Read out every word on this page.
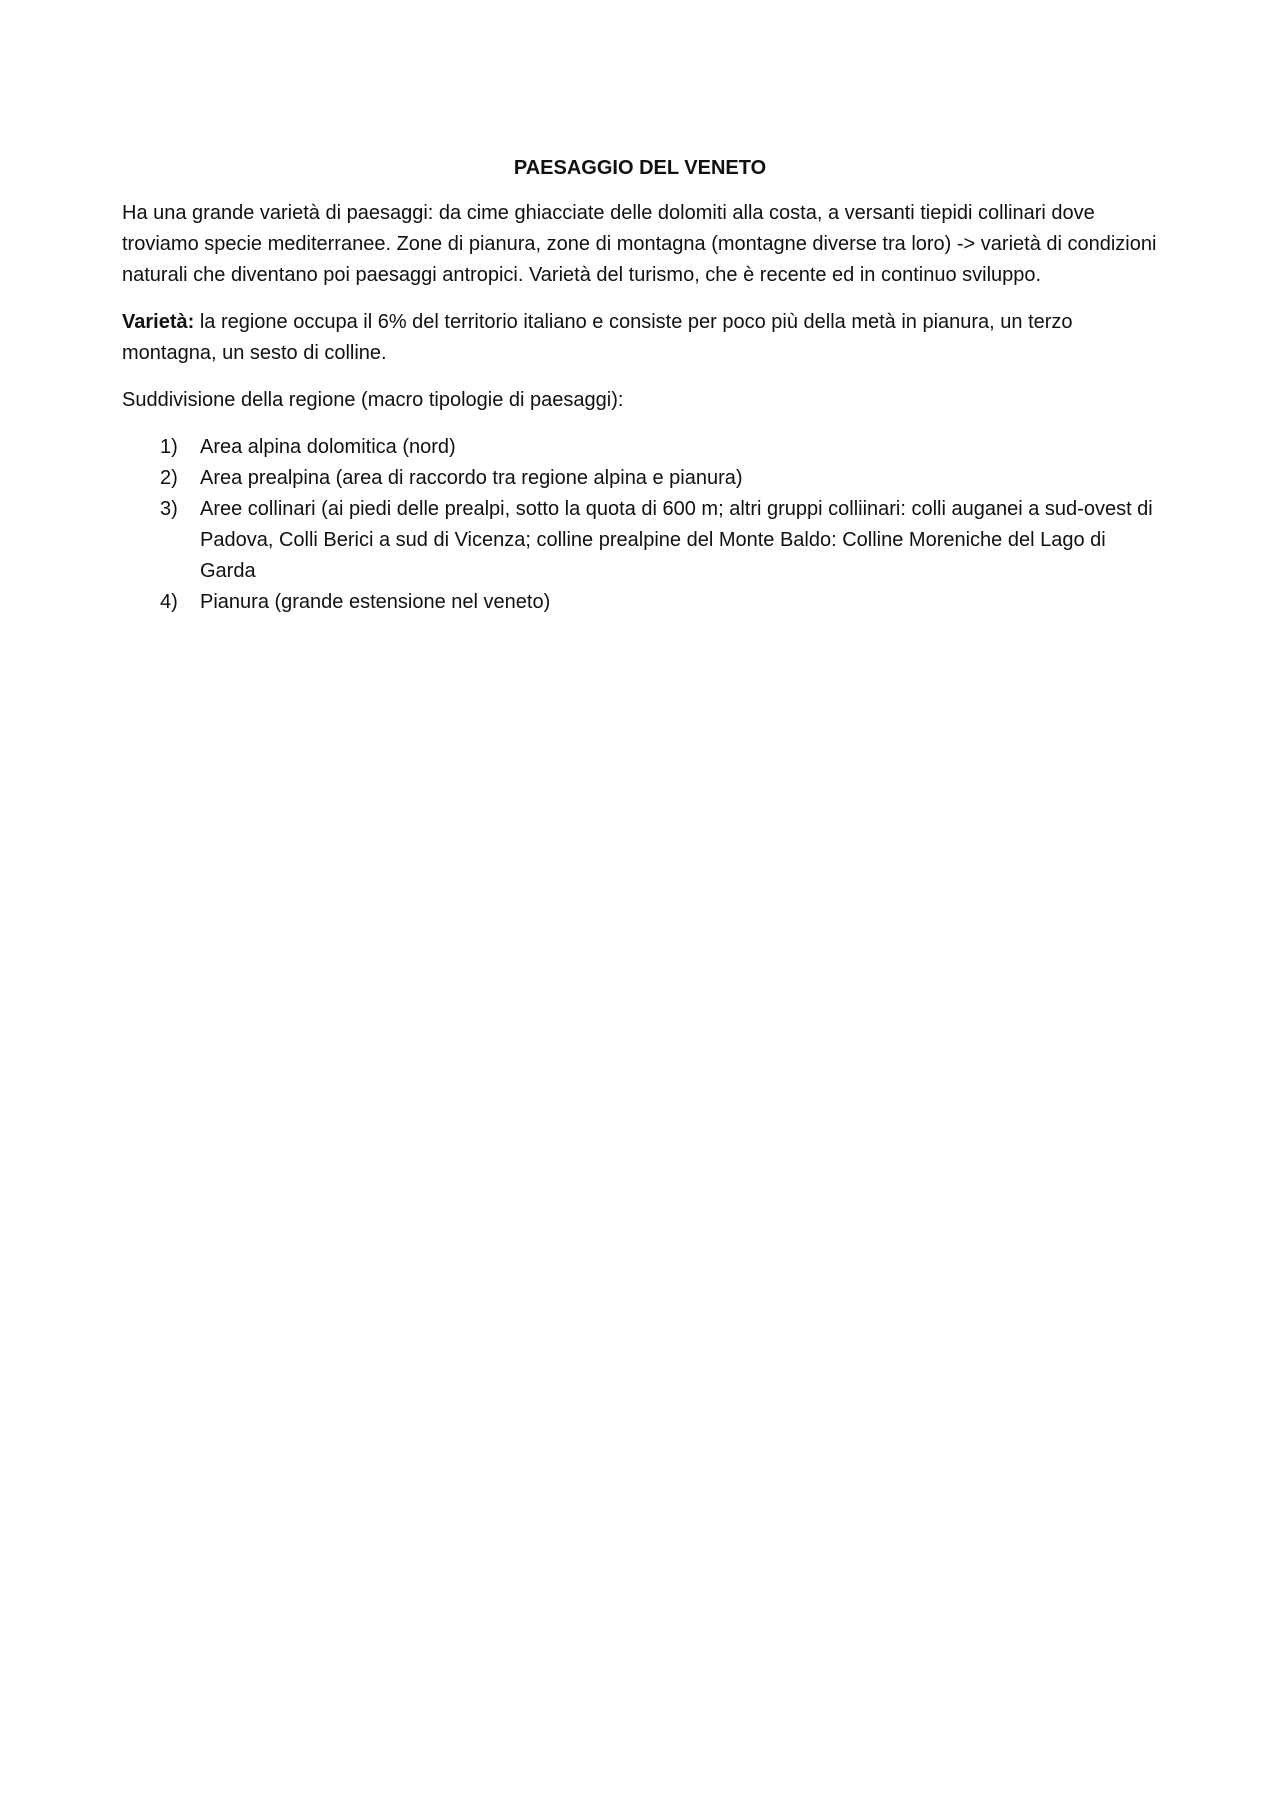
PAESAGGIO DEL VENETO

Ha una grande varietà di paesaggi: da cime ghiacciate delle dolomiti alla costa, a versanti tiepidi collinari dove troviamo specie mediterranee. Zone di pianura, zone di montagna (montagne diverse tra loro) -> varietà di condizioni naturali che diventano poi paesaggi antropici. Varietà del turismo, che è recente ed in continuo sviluppo.

Varietà: la regione occupa il 6% del territorio italiano e consiste per poco più della metà in pianura, un terzo montagna, un sesto di colline.

Suddivisione della regione (macro tipologie di paesaggi):

1)	Area alpina dolomitica (nord)
2)	Area prealpina (area di raccordo tra regione alpina e pianura)
3)	Aree collinari (ai piedi delle prealpi, sotto la quota di 600 m; altri gruppi colliinari: colli auganei a sud-ovest di Padova, Colli Berici a sud di Vicenza; colline prealpine del Monte Baldo: Colline Moreniche del Lago di Garda
4)	Pianura (grande estensione nel veneto)
